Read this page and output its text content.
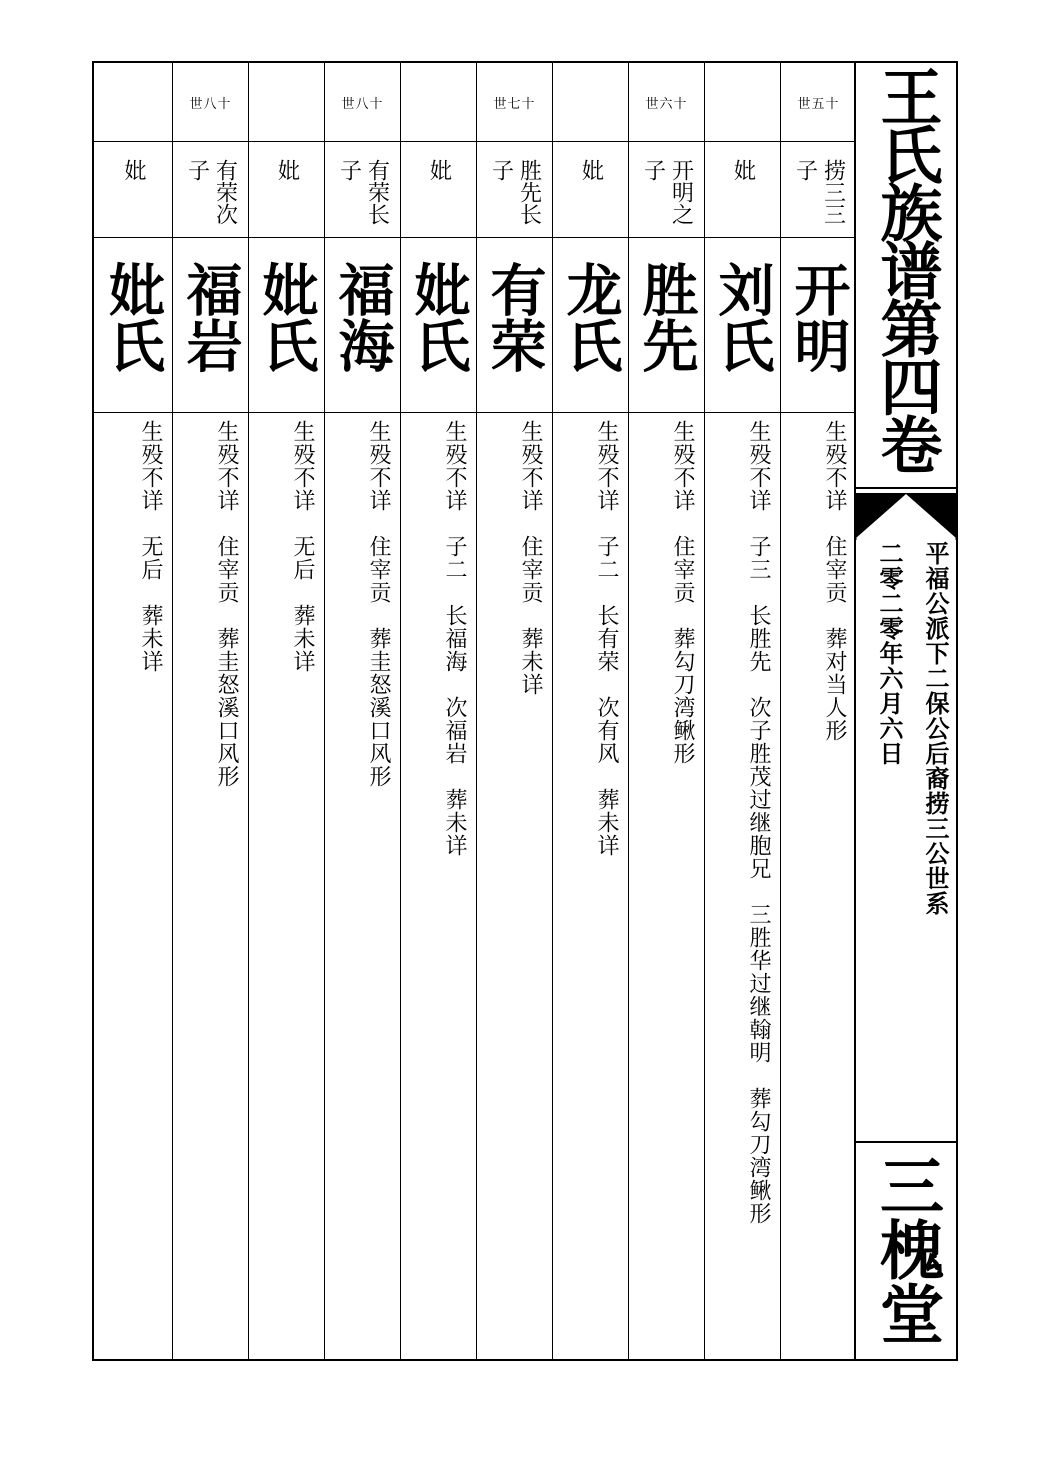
世五十
捞三三子
开明
生殁不详　住宰贡　葬对当人形
妣
刘氏
生殁不详　子三　长胜先　次子胜茂过继胞兄　三胜华过继翰明　葬勾刀湾鳅形
世六十
开明之子
胜先
生殁不详　住宰贡　葬勾刀湾鳅形
妣
龙氏
生殁不详　子二　长有荣　次有风　葬未详
世七十
胜先长子
有荣
生殁不详　住宰贡　葬未详
妣
妣氏
生殁不详　子二　长福海　次福岩　葬未详
世八十
有荣长子
福海
生殁不详　住宰贡　葬圭怒溪口风形
妣
妣氏
生殁不详　无后　葬未详
世八十
有荣次子
福岩
生殁不详　住宰贡　葬圭怒溪口风形
妣
妣氏
生殁不详　无后　葬未详
王氏族谱第四卷
平福公派下二保公后裔捞三公世系
二零二零年六月六日
三槐堂
